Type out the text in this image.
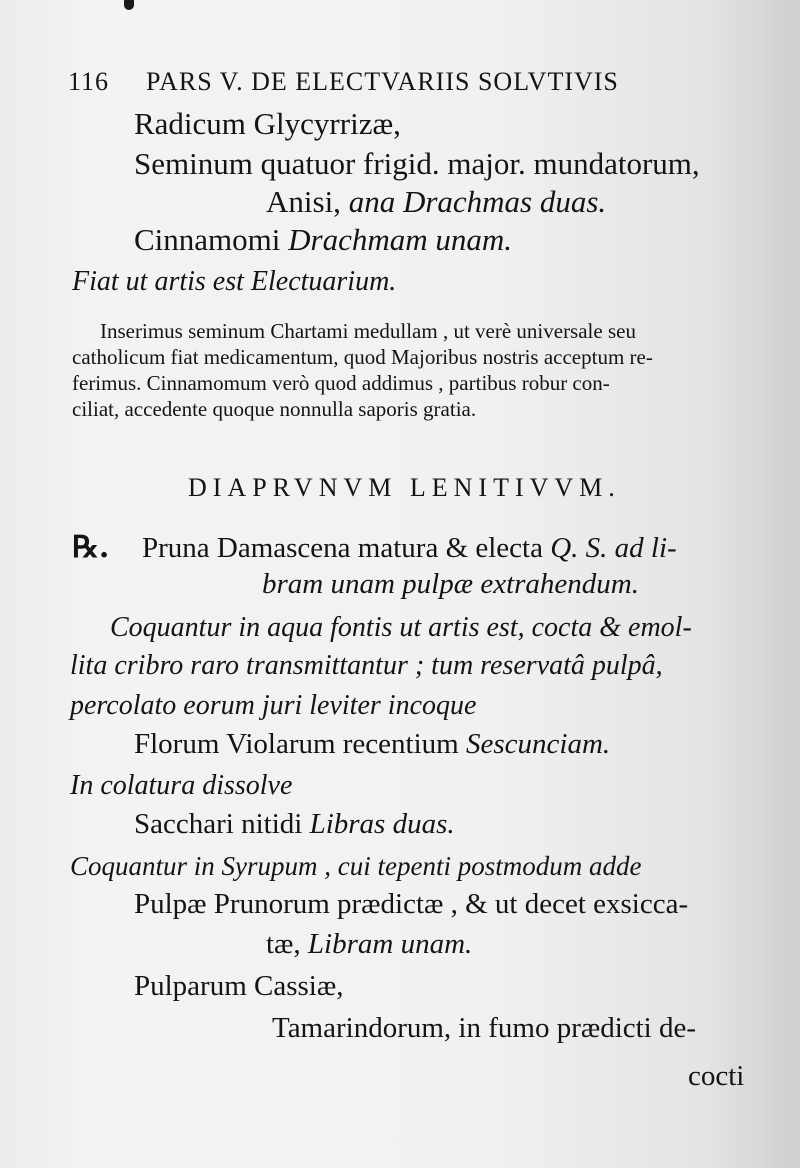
116 PARS V. DE ELECTVARIIS SOLVTIVIS
Radicum Glycyrrizæ,
Seminum quatuor frigid. major. mundatorum,
Anisi, ana Drachmas duas.
Cinnamomi Drachmam unam.
Fiat ut artis est Electuarium.
Inserimus seminum Chartami medullam , ut verè universale seu
catholicum fiat medicamentum, quod Majoribus nostris acceptum re-
ferimus. Cinnamomum verò quod addimus , partibus robur con-
ciliat, accedente quoque nonnulla saporis gratia.
DIAPRVNVM LENITIVVM.
℞. Pruna Damascena matura & electa Q. S. ad li-
bram unam pulpæ extrahendum.
Coquantur in aqua fontis ut artis est, cocta & emol-
lita cribro raro transmittantur ; tum reservatâ pulpâ,
percolato eorum juri leviter incoque
Florum Violarum recentium Sescunciam.
In colatura dissolve
Sacchari nitidi Libras duas.
Coquantur in Syrupum , cui tepenti postmodum adde
Pulpæ Prunorum prædictæ , & ut decet exsicca-
tæ, Libram unam.
Pulparum Cassiæ,
Tamarindorum, in fumo prædicti de-
cocti
